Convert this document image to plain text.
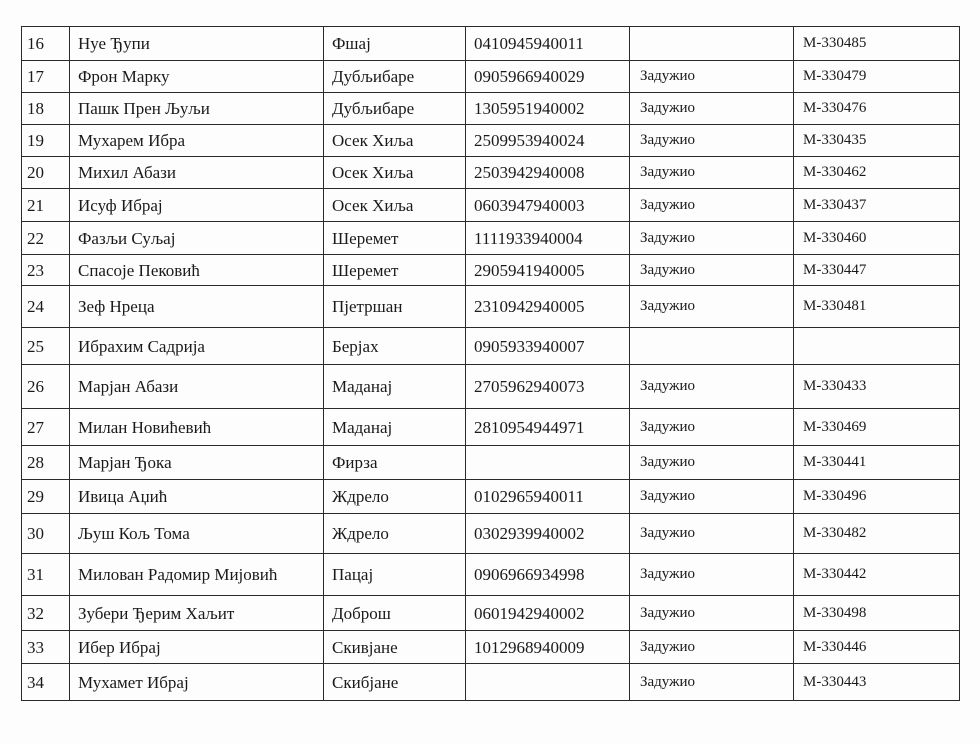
16	Нуе Ђупи	Фшај	0410945940011		М-330485
17	Фрон Марку	Дубљибаре	0905966940029	Задужио	М-330479
18	Пашк Прен Љуљи	Дубљибаре	1305951940002	Задужио	М-330476
19	Мухарем Ибра	Осек Хиља	2509953940024	Задужио	М-330435
20	Михил Абази	Осек Хиља	2503942940008	Задужио	М-330462
21	Исуф Ибрај	Осек Хиља	0603947940003	Задужио	М-330437
22	Фазљи Суљај	Шеремет	1111933940004	Задужио	М-330460
23	Спасоје Пековић	Шеремет	2905941940005	Задужио	М-330447
24	Зеф Нреца	Пјетршан	2310942940005	Задужио	М-330481
25	Ибрахим Садрија	Берјах	0905933940007		
26	Марјан Абази	Маданај	2705962940073	Задужио	М-330433
27	Милан Новићевић	Маданај	2810954944971	Задужио	М-330469
28	Марјан Ђока	Фирза		Задужио	М-330441
29	Ивица Аџић	Ждрело	0102965940011	Задужио	М-330496
30	Љуш Кољ Тома	Ждрело	0302939940002	Задужио	М-330482
31	Милован Радомир Мијовић	Пацај	0906966934998	Задужио	М-330442
32	Зубери Ђерим Хаљит	Доброш	0601942940002	Задужио	М-330498
33	Ибер Ибрај	Скивјане	1012968940009	Задужио	М-330446
34	Мухамет Ибрај	Скибјане		Задужио	М-330443
